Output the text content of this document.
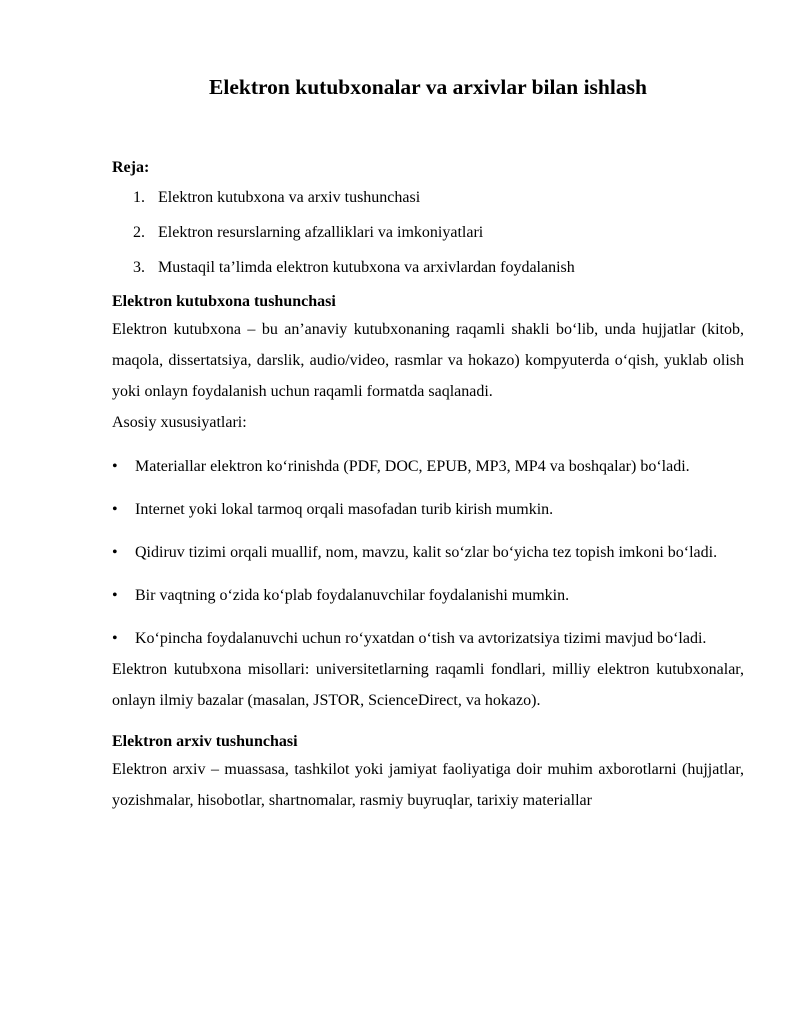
Elektron kutubxonalar va arxivlar bilan ishlash
Reja:
1. Elektron kutubxona va arxiv tushunchasi
2. Elektron resurslarning afzalliklari va imkoniyatlari
3. Mustaqil ta’limda elektron kutubxona va arxivlardan foydalanish
Elektron kutubxona tushunchasi

Elektron kutubxona – bu an’anaviy kutubxonaning raqamli shakli bo‘lib, unda hujjatlar (kitob, maqola, dissertatsiya, darslik, audio/video, rasmlar va hokazo) kompyuterda o‘qish, yuklab olish yoki onlayn foydalanish uchun raqamli formatda saqlanadi.

Asosiy xususiyatlari:

• Materiallar elektron ko‘rinishda (PDF, DOC, EPUB, MP3, MP4 va boshqalar) bo‘ladi.

• Internet yoki lokal tarmoq orqali masofadan turib kirish mumkin.

• Qidiruv tizimi orqali muallif, nom, mavzu, kalit so‘zlar bo‘yicha tez topish imkoni bo‘ladi.

• Bir vaqtning o‘zida ko‘plab foydalanuvchilar foydalanishi mumkin.

• Ko‘pincha foydalanuvchi uchun ro‘yxatdan o‘tish va avtorizatsiya tizimi mavjud bo‘ladi.

Elektron kutubxona misollari: universitetlarning raqamli fondlari, milliy elektron kutubxonalar, onlayn ilmiy bazalar (masalan, JSTOR, ScienceDirect, va hokazo).

Elektron arxiv tushunchasi

Elektron arxiv – muassasa, tashkilot yoki jamiyat faoliyatiga doir muhim axborotlarni (hujjatlar, yozishmalar, hisobotlar, shartnomalar, rasmiy buyruqlar, tarixiy materiallar
